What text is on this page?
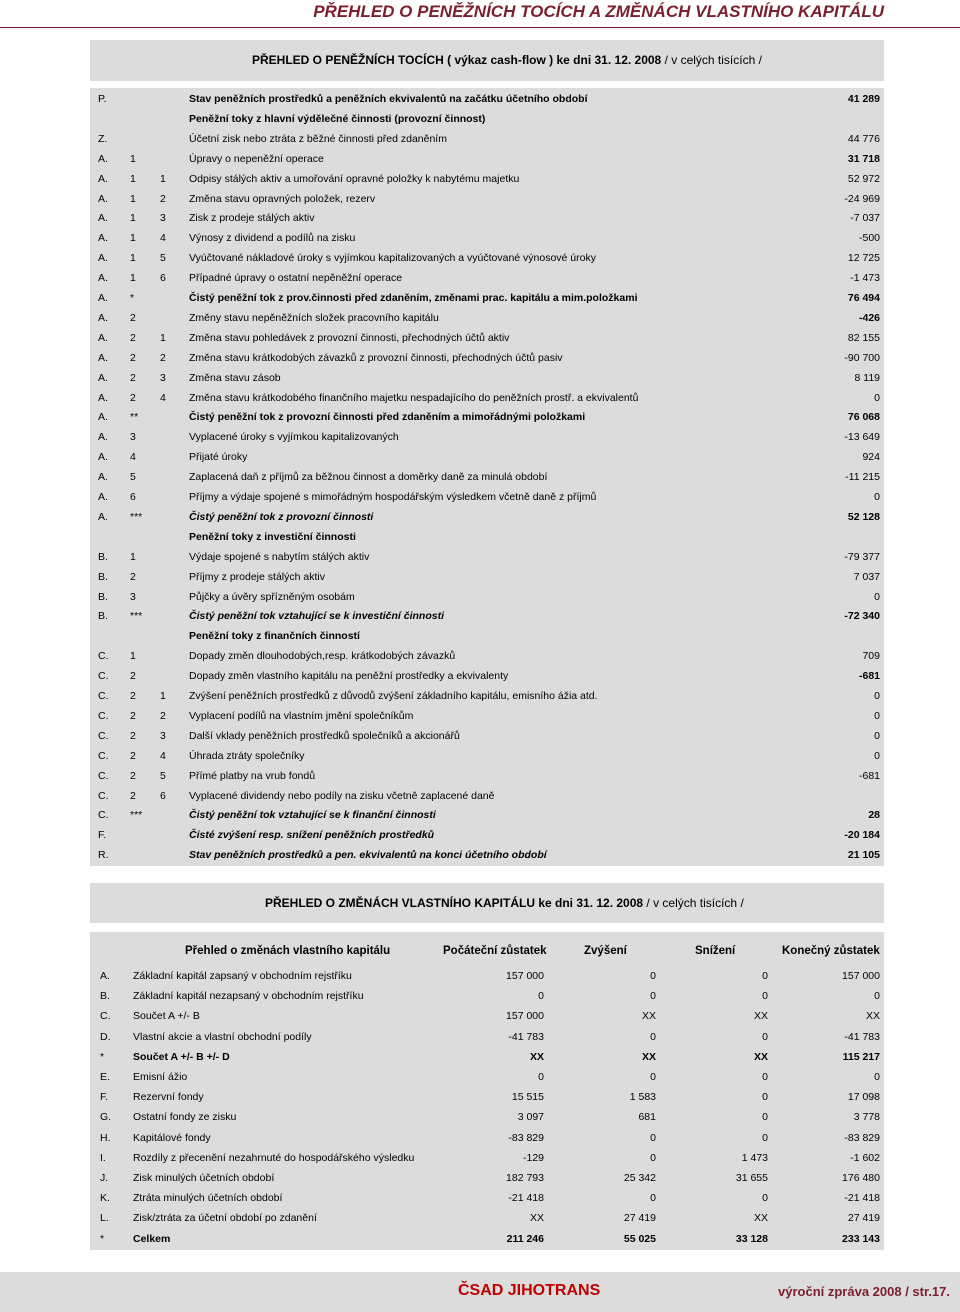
PŘEHLED O PENĚŽNÍCH TOCÍCH A ZMĚNÁCH VLASTNÍHO KAPITÁLU
PŘEHLED O PENĚŽNÍCH TOCÍCH ( výkaz cash-flow ) ke dni 31. 12. 2008 / v celých tisících /
P.	Stav peněžních prostředků a peněžních ekvivalentů na začátku účetního období	41 289
Peněžní toky z hlavní výdělečné činnosti (provozní činnost)
Z.	Účetní zisk nebo ztráta z běžné činnosti před zdaněním	44 776
A. 1	Úpravy o nepeněžní operace	31 718
A. 1 1 Odpisy stálých aktiv a umořování opravné položky k nabytému majetku	52 972
A. 1 2 Změna stavu opravných položek, rezerv	-24 969
A. 1 3 Zisk z prodeje stálých aktiv	-7 037
A. 1 4 Výnosy z dividend a podílů na zisku	-500
A. 1 5 Vyúčtované nákladové úroky s vyjímkou kapitalizovaných a vyúčtované výnosové úroky	12 725
A. 1 6 Případné úpravy o ostatní nepěněžní operace	-1 473
A. *	Čistý peněžní tok z prov.činnosti před zdaněním, změnami prac. kapitálu a mim.položkami	76 494
A. 2	Změny stavu nepěněžních složek pracovního kapitálu	-426
A. 2 1 Změna stavu pohledávek z provozní činnosti, přechodných účtů aktiv	82 155
A. 2 2 Změna stavu krátkodobých závazků z provozní činnosti, přechodných účtů pasiv	-90 700
A. 2 3 Změna stavu zásob	8 119
A. 2 4 Změna stavu krátkodobého finančního majetku nespadajícího do peněžních prostř. a ekvivalentů	0
A. **	Čistý peněžní tok z provozní činnosti před zdaněním a mimořádnými položkami	76 068
A. 3	Vyplacené úroky s vyjímkou kapitalizovaných	-13 649
A. 4	Přijaté úroky	924
A. 5	Zaplacená daň z příjmů za běžnou činnost a doměrky daně za minulá období	-11 215
A. 6	Příjmy a výdaje spojené s mimořádným hospodářským výsledkem včetně daně z příjmů	0
A. ***	Čistý peněžní tok z provozní činnosti	52 128
Peněžní toky z investiční činnosti
B. 1	Výdaje spojené s nabytím stálých aktiv	-79 377
B. 2	Příjmy z prodeje stálých aktiv	7 037
B. 3	Půjčky a úvěry spřízněným osobám	0
B. ***	Čistý peněžní tok vztahující se k investiční činnosti	-72 340
Peněžní toky z finančních činností
C. 1	Dopady změn dlouhodobých,resp. krátkodobých závazků	709
C. 2	Dopady změn vlastního kapitálu na peněžní prostředky a ekvivalenty	-681
C. 2 1 Zvýšení peněžních prostředků z důvodů zvýšení základního kapitálu, emisního ážia atd.	0
C. 2 2 Vyplacení podílů na vlastním jmění společníkům	0
C. 2 3 Další vklady peněžních prostředků společníků a akcionářů	0
C. 2 4 Úhrada ztráty společníky	0
C. 2 5 Přímé platby na vrub fondů	-681
C. 2 6 Vyplacené dividendy nebo podíly na zisku včetně zaplacené daně
C. ***	Čistý peněžní tok vztahující se k finanční činnosti	28
F.	Čisté zvýšení resp. snížení peněžních prostředků	-20 184
R.	Stav peněžních prostředků a pen. ekvivalentů na konci účetního období	21 105
PŘEHLED O ZMĚNÁCH VLASTNÍHO KAPITÁLU ke dni 31. 12. 2008 / v celých tisících /
Přehled o změnách vlastního kapitálu	Počáteční zůstatek	Zvýšení	Snížení	Konečný zůstatek
A. Základní kapitál zapsaný v obchodním rejstříku	157 000	0	0	157 000
B. Základní kapitál nezapsaný v obchodním rejstříku	0	0	0	0
C. Součet A +/- B	157 000	XX	XX	XX
D. Vlastní akcie a vlastní obchodní podíly	-41 783	0	0	-41 783
*	Součet A +/- B +/- D	XX	XX	XX	115 217
E. Emisní ážio	0	0	0	0
F. Rezervní fondy	15 515	1 583	0	17 098
G. Ostatní fondy ze zisku	3 097	681	0	3 778
H. Kapitálové fondy	-83 829	0	0	-83 829
I.	Rozdíly z přecenění nezahrnuté do hospodářského výsledku	-129	0	1 473	-1 602
J. Zisk minulých účetních období	182 793	25 342	31 655	176 480
K. Ztráta minulých účetních období	-21 418	0	0	-21 418
L. Zisk/ztráta za účetní období po zdanění	XX	27 419	XX	27 419
*	Celkem	211 246	55 025	33 128	233 143
ČSAD JIHOTRANS	výroční zpráva 2008 / str.17.
